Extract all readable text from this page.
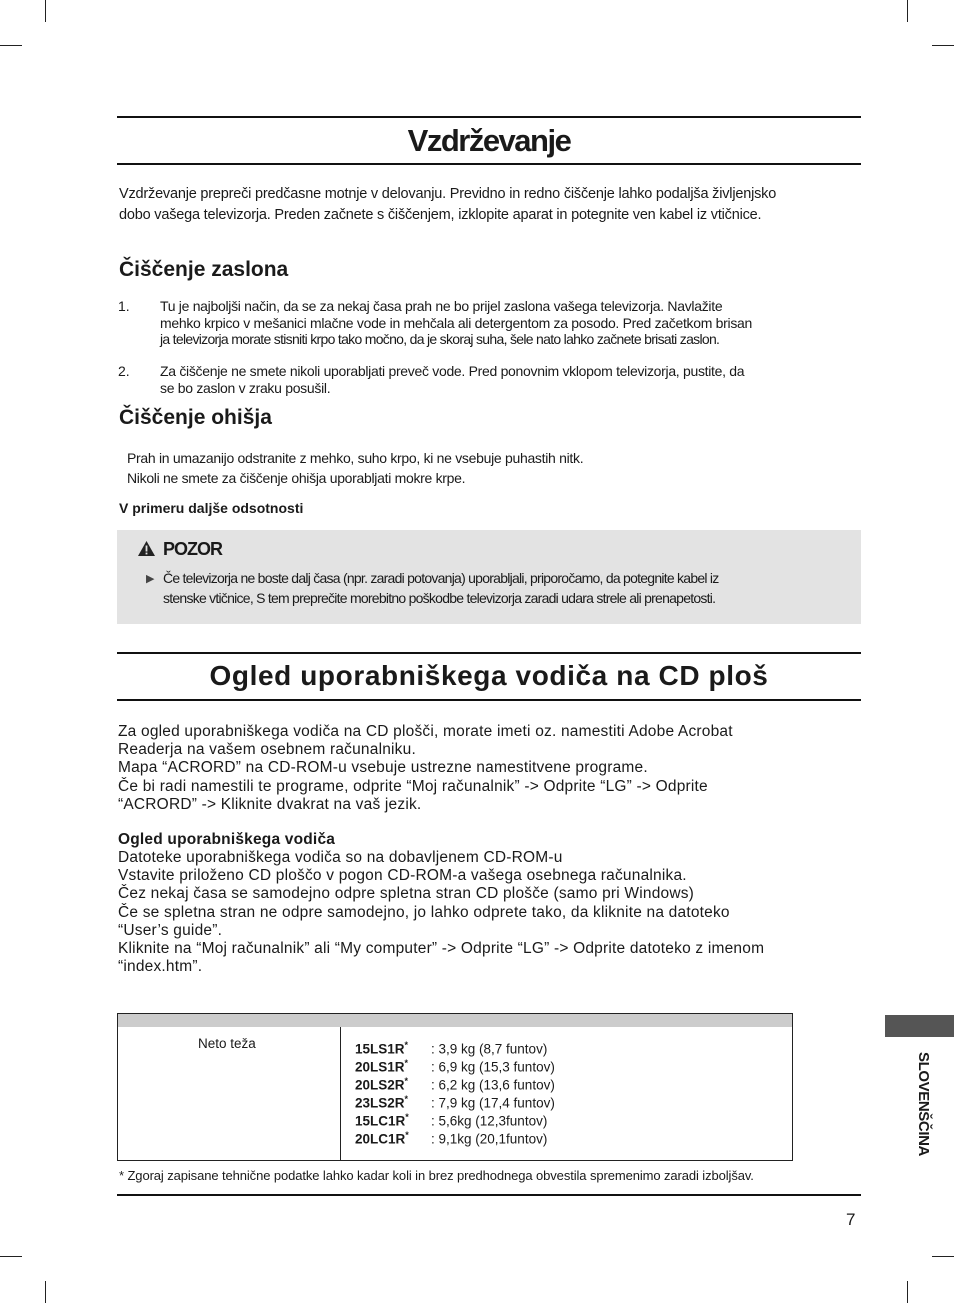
Vzdrževanje
Vzdrževanje prepreči predčasne motnje v delovanju. Previdno in redno čiščenje lahko podaljša življenjsko
dobo vašega televizorja. Preden začnete s čiščenjem, izklopite aparat in potegnite ven kabel iz vtičnice.
Čiščenje zaslona
1. Tu je najboljši način, da se za nekaj časa prah ne bo prijel zaslona vašega televizorja. Navlažite
mehko krpico v mešanici mlačne vode in mehčala ali detergentom za posodo. Pred začetkom brisan
ja televizorja morate stisniti krpo tako močno, da je skoraj suha, šele nato lahko začnete brisati zaslon.
2. Za čiščenje ne smete nikoli uporabljati preveč vode. Pred ponovnim vklopom televizorja, pustite, da
se bo zaslon v zraku posušil.
Čiščenje ohišja
Prah in umazanijo odstranite z mehko, suho krpo, ki ne vsebuje puhastih nitk.
Nikoli ne smete za čiščenje ohišja uporabljati mokre krpe.
V primeru daljše odsotnosti
POZOR
▶ Če televizorja ne boste dalj časa (npr. zaradi potovanja) uporabljali, priporočamo, da potegnite kabel iz
stenske vtičnice, S tem preprečite morebitno poškodbe televizorja zaradi udara strele ali prenapetosti.
Ogled uporabniškega vodiča na CD ploš
Za ogled uporabniškega vodiča na CD plošči, morate imeti oz. namestiti Adobe Acrobat
Readerja na vašem osebnem računalniku.
Mapa “ACRORD” na CD-ROM-u vsebuje ustrezne namestitvene programe.
Če bi radi namestili te programe, odprite “Moj računalnik” -> Odprite “LG” -> Odprite
“ACRORD” -> Kliknite dvakrat na vaš jezik.
Ogled uporabniškega vodiča
Datoteke uporabniškega vodiča so na dobavljenem CD-ROM-u
Vstavite priloženo CD ploščo v pogon CD-ROM-a vašega osebnega računalnika.
Čez nekaj časa se samodejno odpre spletna stran CD plošče (samo pri Windows)
Če se spletna stran ne odpre samodejno, jo lahko odprete tako, da kliknite na datoteko
“User’s guide”.
Kliknite na “Moj računalnik” ali “My computer” -> Odprite “LG” -> Odprite datoteko z imenom
“index.htm”.
Neto teža	15LS1R* : 3,9 kg (8,7 funtov)
20LS1R* : 6,9 kg (15,3 funtov)
20LS2R* : 6,2 kg (13,6 funtov)
23LS2R* : 7,9 kg (17,4 funtov)
15LC1R* : 5,6kg (12,3funtov)
20LC1R* : 9,1kg (20,1funtov)
* Zgoraj zapisane tehnične podatke lahko kadar koli in brez predhodnega obvestila spremenimo zaradi izboljšav.
SLOVENŠČINA
7
